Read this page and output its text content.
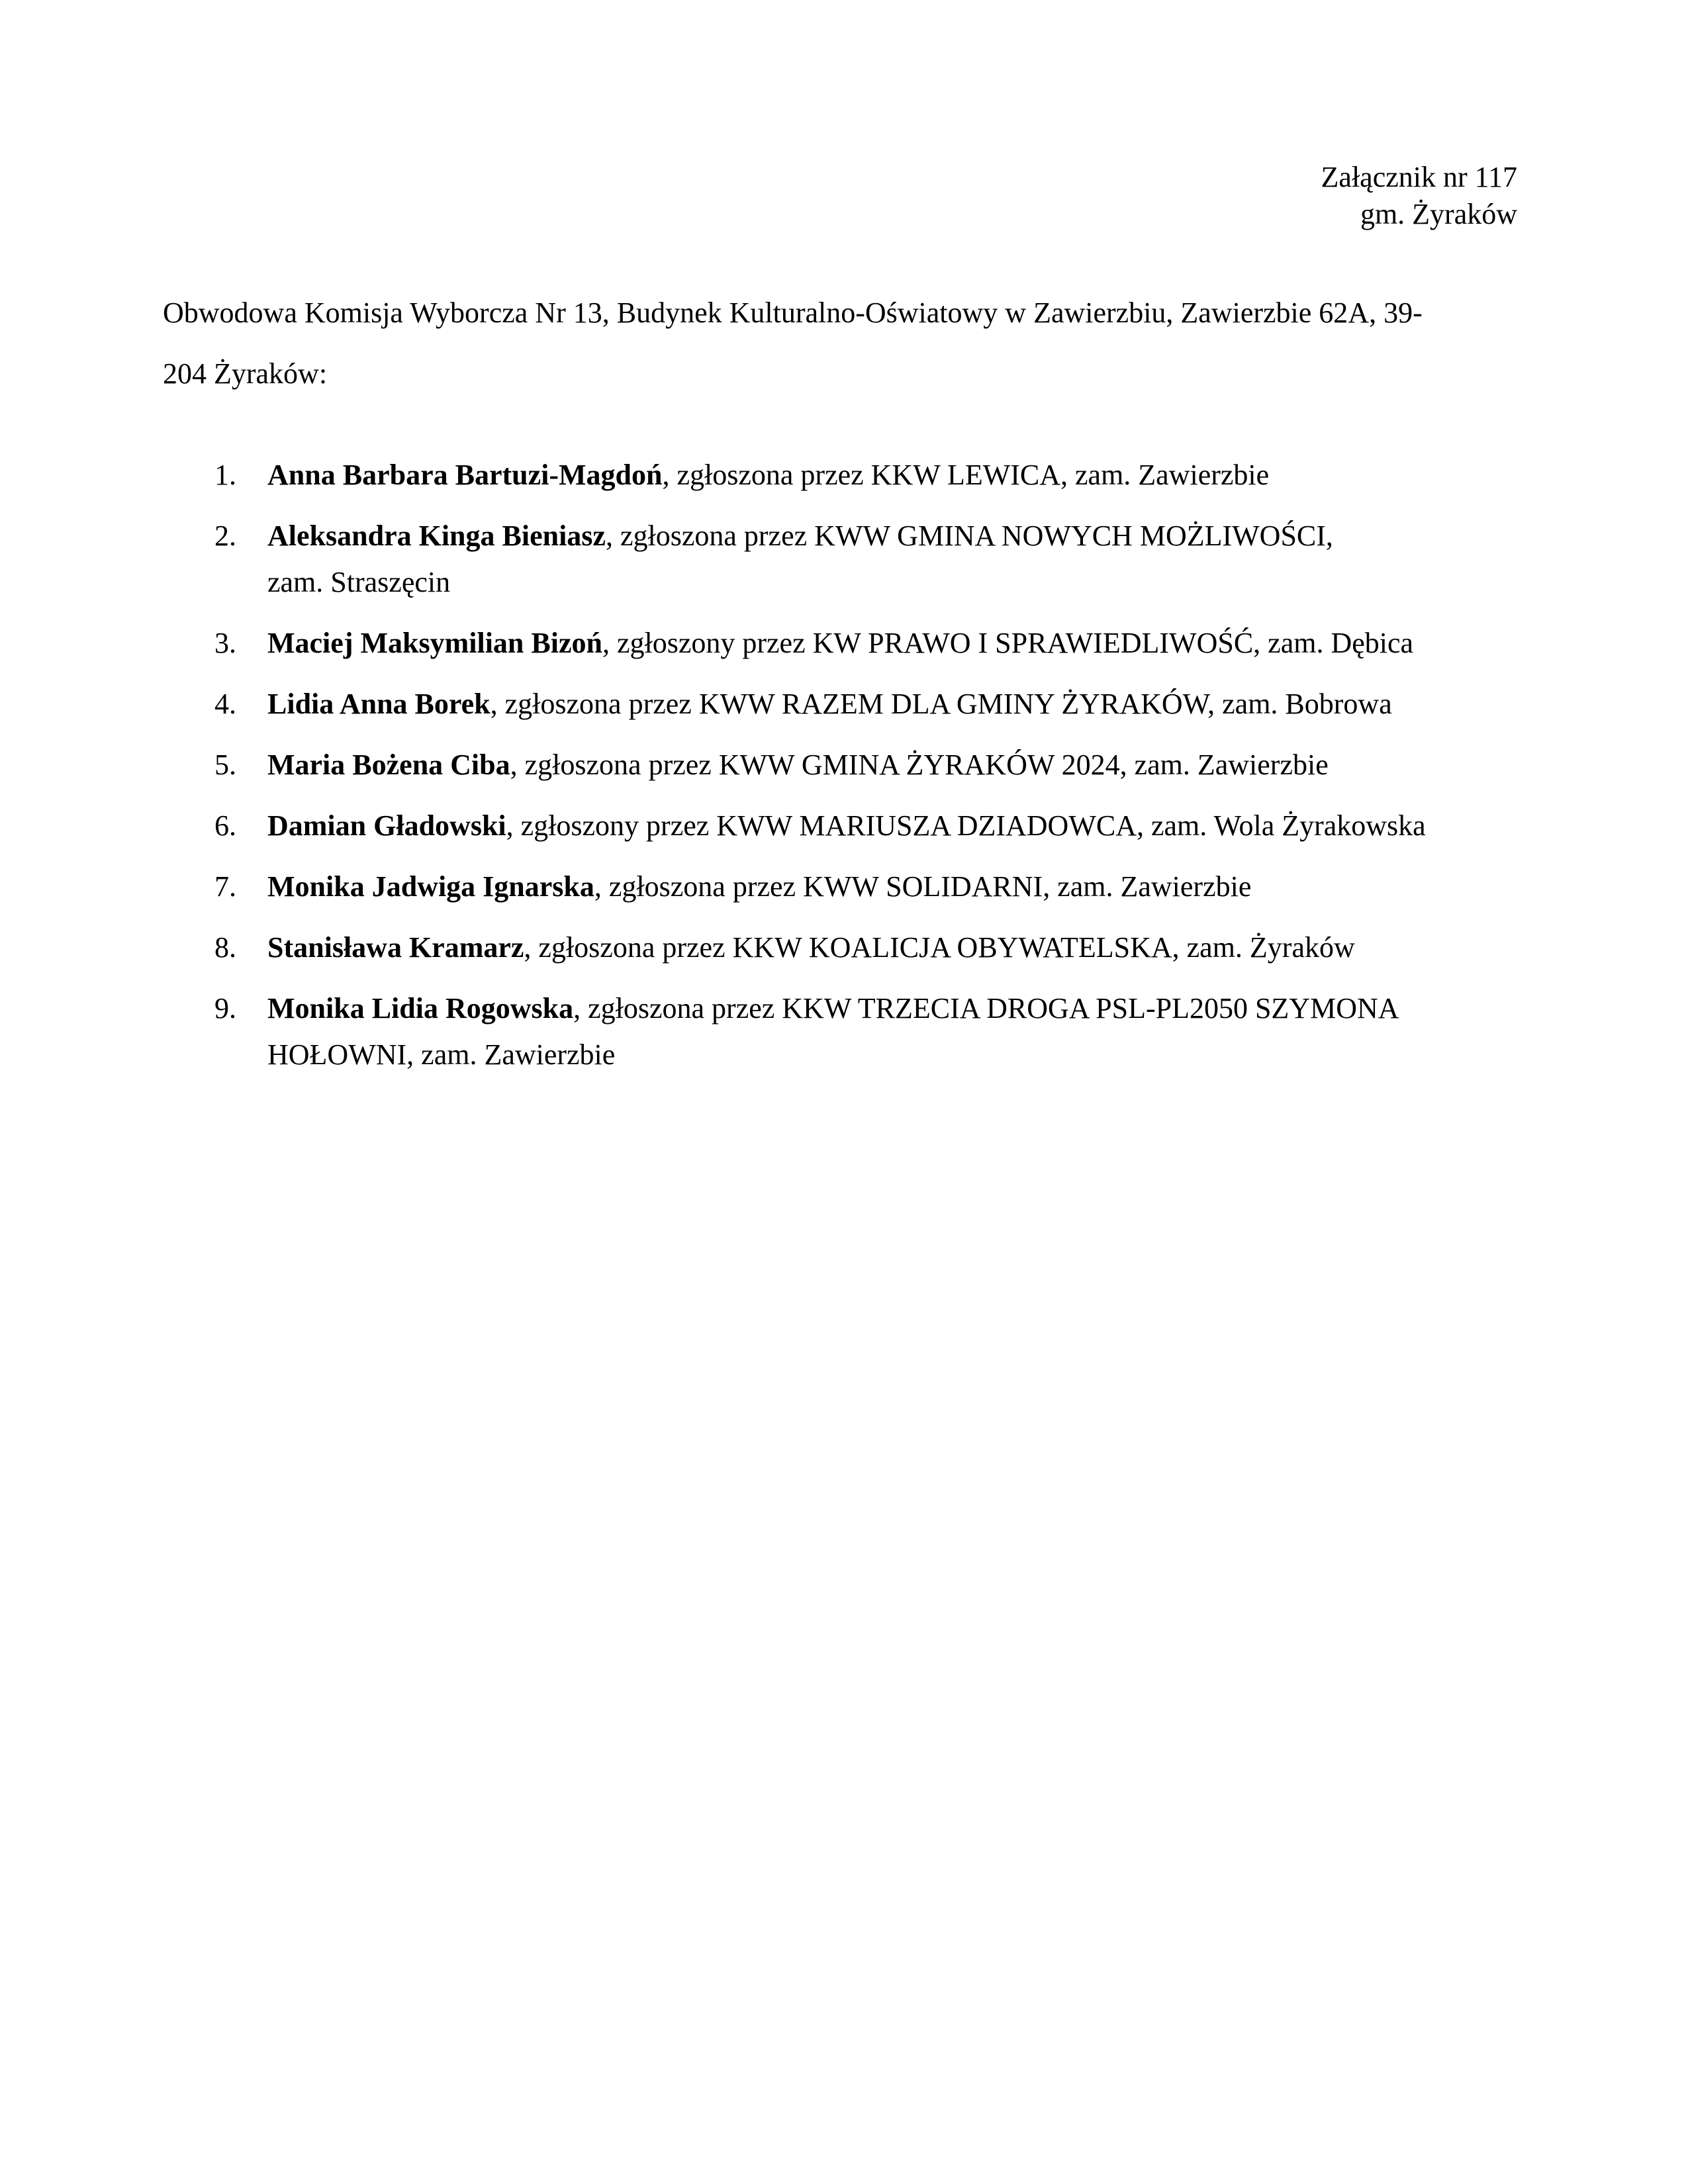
Załącznik nr 117
gm. Żyraków
Obwodowa Komisja Wyborcza Nr 13, Budynek Kulturalno-Oświatowy w Zawierzbiu, Zawierzbie 62A, 39-
204 Żyraków:
1. Anna Barbara Bartuzi-Magdoń, zgłoszona przez KKW LEWICA, zam. Zawierzbie
2. Aleksandra Kinga Bieniasz, zgłoszona przez KWW GMINA NOWYCH MOŻLIWOŚCI, zam. Straszęcin
3. Maciej Maksymilian Bizoń, zgłoszony przez KW PRAWO I SPRAWIEDLIWOŚĆ, zam. Dębica
4. Lidia Anna Borek, zgłoszona przez KWW RAZEM DLA GMINY ŻYRAKÓW, zam. Bobrowa
5. Maria Bożena Ciba, zgłoszona przez KWW GMINA ŻYRAKÓW 2024, zam. Zawierzbie
6. Damian Gładowski, zgłoszony przez KWW MARIUSZA DZIADOWCA, zam. Wola Żyrakowska
7. Monika Jadwiga Ignarska, zgłoszona przez KWW SOLIDARNI, zam. Zawierzbie
8. Stanisława Kramarz, zgłoszona przez KKW KOALICJA OBYWATELSKA, zam. Żyraków
9. Monika Lidia Rogowska, zgłoszona przez KKW TRZECIA DROGA PSL-PL2050 SZYMONA HOŁOWNI, zam. Zawierzbie
